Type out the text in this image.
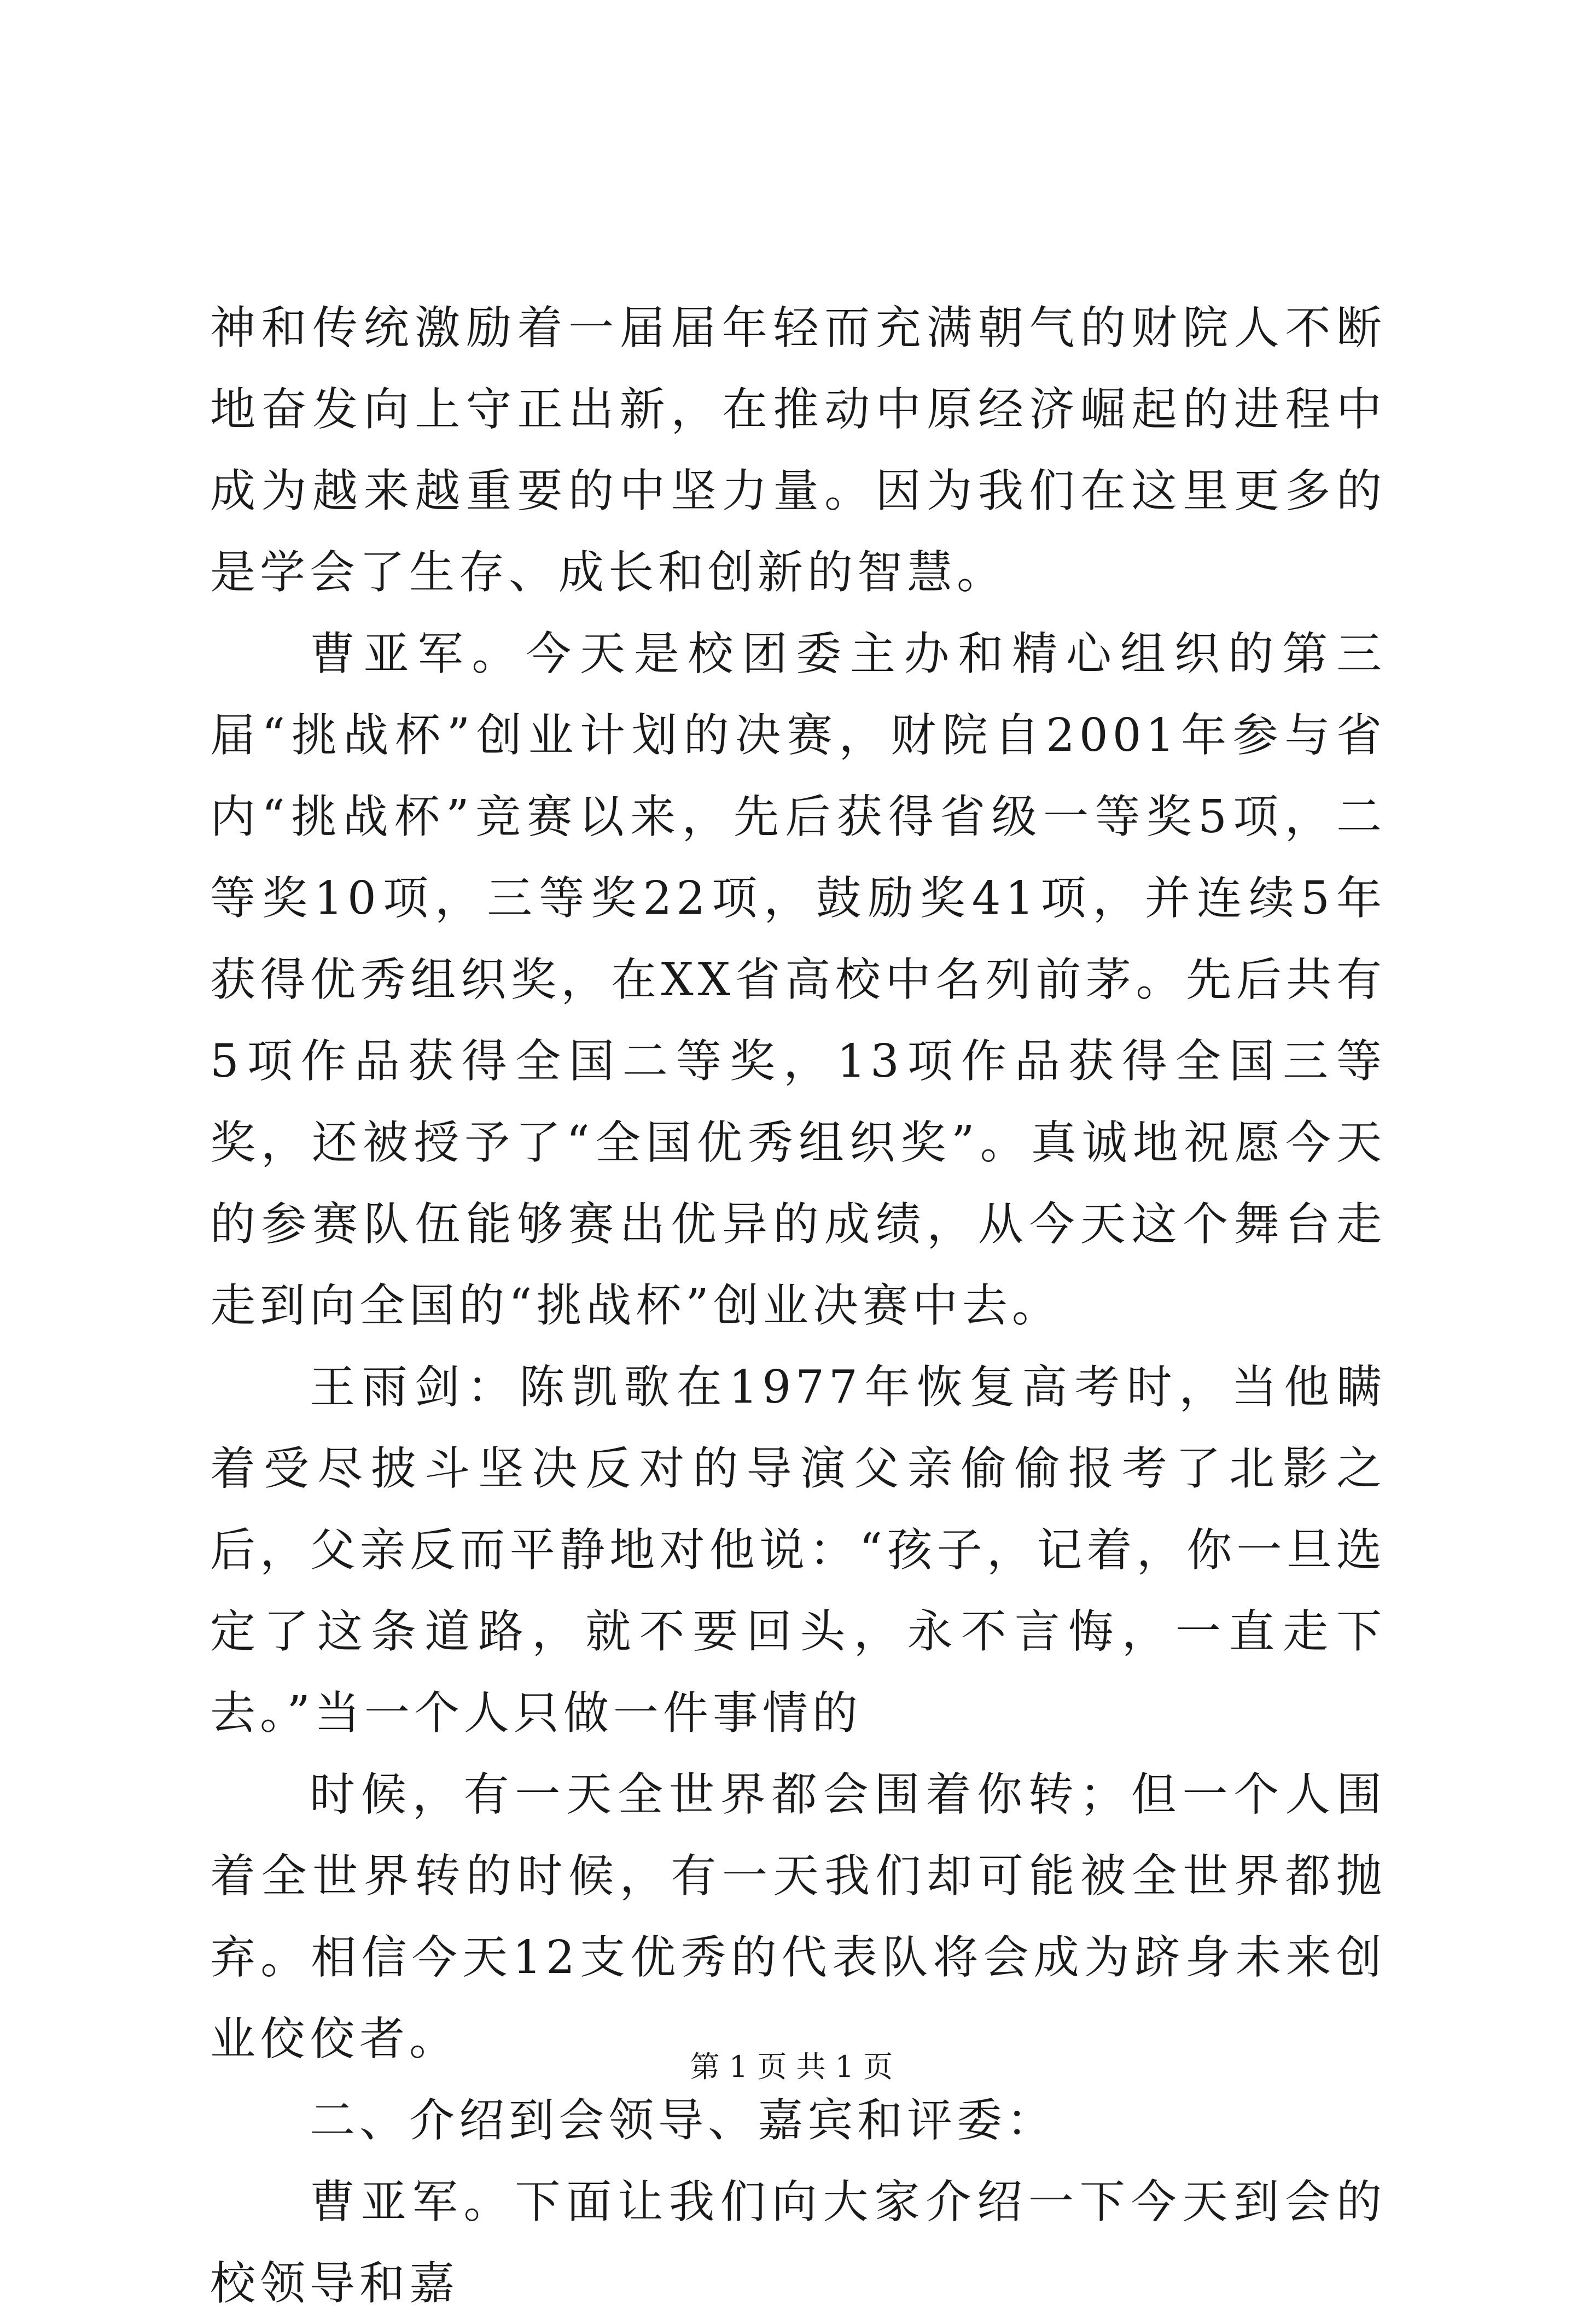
神和传统激励着一届届年轻而充满朝气的财院人不断地奋发向上守正出新，在推动中原经济崛起的进程中成为越来越重要的中坚力量。因为我们在这里更多的是学会了生存、成长和创新的智慧。

曹亚军。今天是校团委主办和精心组织的第三届“挑战杯”创业计划的决赛，财院自2001年参与省内“挑战杯”竞赛以来，先后获得省级一等奖5项，二等奖10项，三等奖22项，鼓励奖41项，并连续5年获得优秀组织奖，在XX省高校中名列前茅。先后共有5项作品获得全国二等奖，13项作品获得全国三等奖，还被授予了“全国优秀组织奖”。真诚地祝愿今天的参赛队伍能够赛出优异的成绩，从今天这个舞台走走到向全国的“挑战杯”创业决赛中去。

王雨剑：陈凯歌在1977年恢复高考时，当他瞒着受尽披斗坚决反对的导演父亲偷偷报考了北影之后，父亲反而平静地对他说：“孩子，记着，你一旦选定了这条道路，就不要回头，永不言悔，一直走下去。”当一个人只做一件事情的

时候，有一天全世界都会围着你转；但一个人围着全世界转的时候，有一天我们却可能被全世界都抛弃。相信今天12支优秀的代表队将会成为跻身未来创业佼佼者。

二、介绍到会领导、嘉宾和评委：

曹亚军。下面让我们向大家介绍一下今天到会的校领导和嘉

第 1 页 共 1 页
